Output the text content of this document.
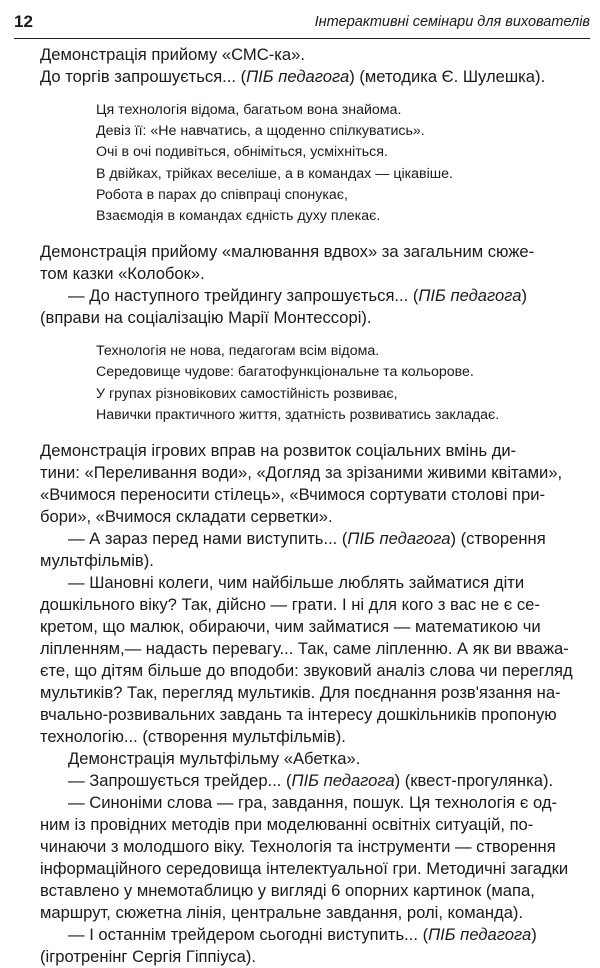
12	Інтерактивні семінари для вихователів
Демонстрація прийому «СМС-ка».
До торгів запрошується... (ПІБ педагога) (методика Є. Шулешка).
Ця технологія відома, багатьом вона знайома.
Девіз її: «Не навчатись, а щоденно спілкуватись».
Очі в очі подивіться, обніміться, усміхніться.
В двійках, трійках веселіше, а в командах — цікавіше.
Робота в парах до співпраці спонукає,
Взаємодія в командах єдність духу плекає.
Демонстрація прийому «малювання вдвох» за загальним сюже-
том казки «Колобок».
— До наступного трейдингу запрошується... (ПІБ педагога)
(вправи на соціалізацію Марії Монтессорі).
Технологія не нова, педагогам всім відома.
Середовище чудове: багатофункціональне та кольорове.
У групах різновікових самостійність розвиває,
Навички практичного життя, здатність розвиватись закладає.
Демонстрація ігрових вправ на розвиток соціальних вмінь ди-
тини: «Переливання води», «Догляд за зрізаними живими квітами»,
«Вчимося переносити стілець», «Вчимося сортувати столові при-
бори», «Вчимося складати серветки».
— А зараз перед нами виступить... (ПІБ педагога) (створення
мультфільмів).
— Шановні колеги, чим найбільше люблять займатися діти
дошкільного віку? Так, дійсно — грати. І ні для кого з вас не є се-
кретом, що малюк, обираючи, чим займатися — математикою чи
ліпленням,— надасть перевагу... Так, саме ліпленню. А як ви вважа-
єте, що дітям більше до вподоби: звуковий аналіз слова чи перегляд
мультиків? Так, перегляд мультиків. Для поєднання розв'язання на-
вчально-розвивальних завдань та інтересу дошкільників пропоную
технологію... (створення мультфільмів).
Демонстрація мультфільму «Абетка».
— Запрошується трейдер... (ПІБ педагога) (квест-прогулянка).
— Синоніми слова — гра, завдання, пошук. Ця технологія є од-
ним із провідних методів при моделюванні освітніх ситуацій, по-
чинаючи з молодшого віку. Технологія та інструменти — створення
інформаційного середовища інтелектуальної гри. Методичні загадки
вставлено у мнемотаблицю у вигляді 6 опорних картинок (мапа,
маршрут, сюжетна лінія, центральне завдання, ролі, команда).
— І останнім трейдером сьогодні виступить... (ПІБ педагога)
(ігротренінг Сергія Гіппіуса).
